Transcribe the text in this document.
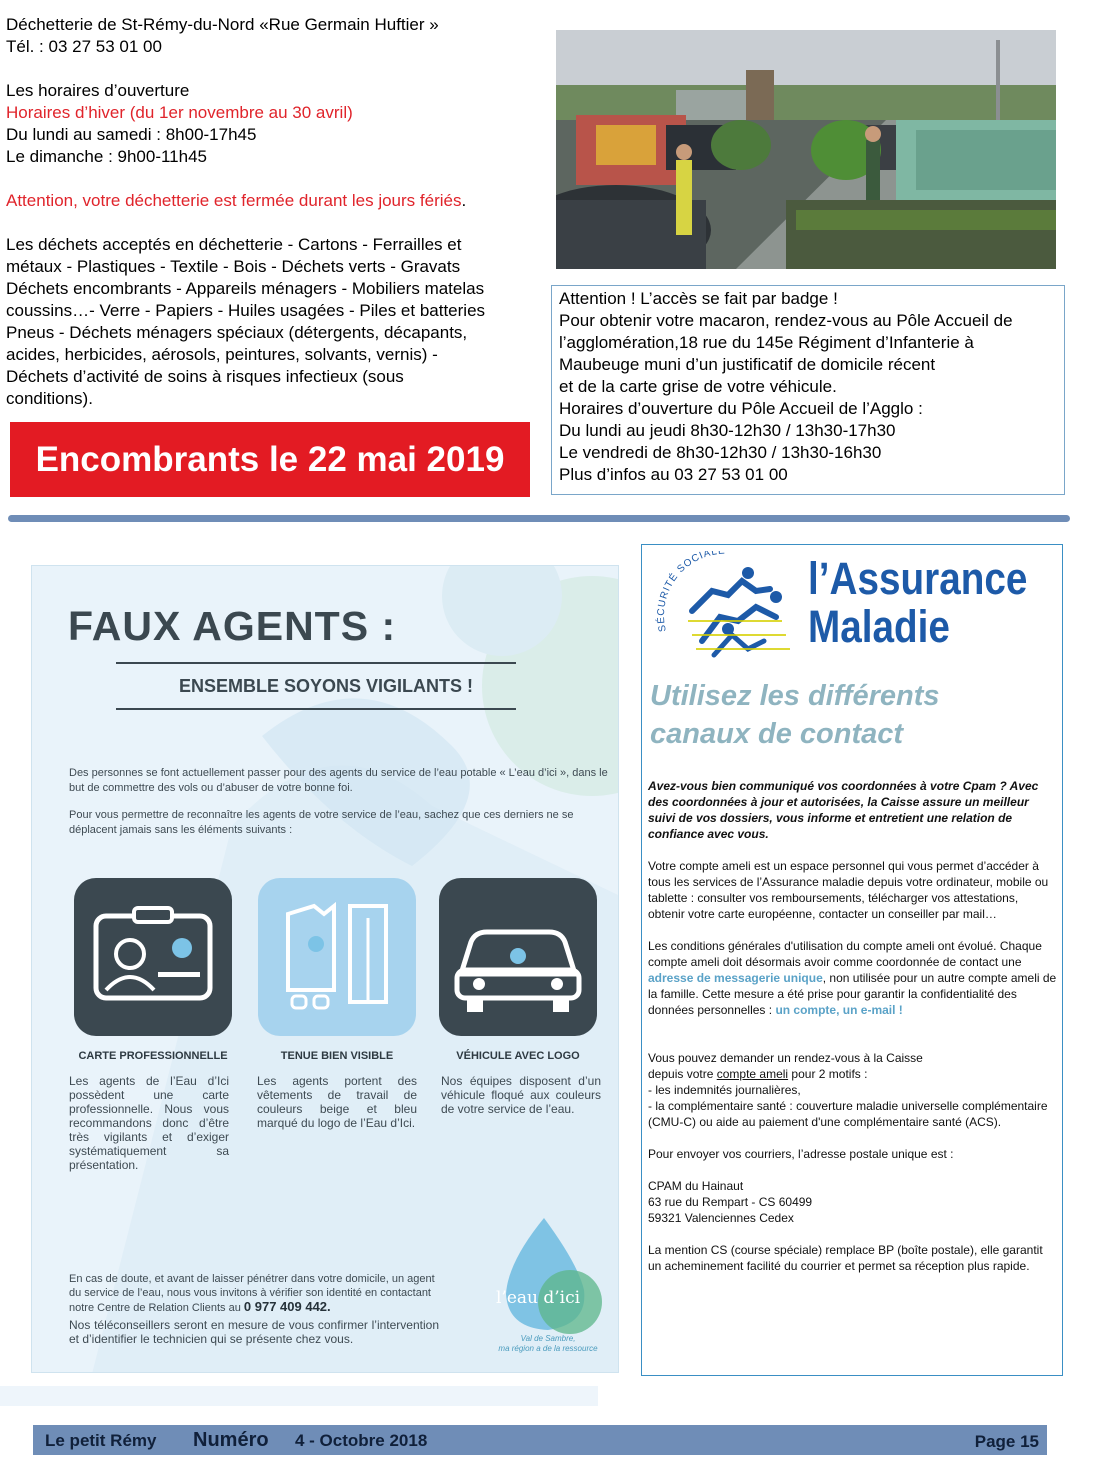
Déchetterie de St-Rémy-du-Nord «Rue Germain Huftier »

Tél. : 03 27 53 01 00

Les horaires d’ouverture

Horaires d’hiver (du 1er novembre au 30 avril)

Du lundi au samedi : 8h00-17h45

Le dimanche : 9h00-11h45

Attention, votre déchetterie est fermée durant les jours fériés.

Les déchets acceptés en déchetterie - Cartons - Ferrailles et

métaux - Plastiques - Textile - Bois - Déchets verts - Gravats

Déchets encombrants - Appareils ménagers - Mobiliers matelas

coussins…- Verre - Papiers - Huiles usagées - Piles et batteries

Pneus - Déchets ménagers spéciaux (détergents, décapants,

acides, herbicides, aérosols, peintures, solvants, vernis) -

Déchets d’activité de soins à risques infectieux (sous

conditions).

Attention ! L’accès se fait par badge !

Pour obtenir votre macaron, rendez-vous au Pôle Accueil de

l’agglomération,18 rue du 145e Régiment d’Infanterie à

Maubeuge muni d’un justificatif de domicile récent

et de la carte grise de votre véhicule.

Horaires d’ouverture du Pôle Accueil de l’Agglo :

Du lundi au jeudi 8h30-12h30 / 13h30-17h30

Le vendredi de 8h30-12h30 / 13h30-16h30

Plus d’infos au 03 27 53 01 00

Encombrants le 22 mai 2019
FAUX AGENTS :
ENSEMBLE SOYONS VIGILANTS !
Des personnes se font actuellement passer pour des agents du service de l’eau potable « L’eau d’ici », dans le but de commettre des vols ou d’abuser de votre bonne foi.
Pour vous permettre de reconnaître les agents de votre service de l’eau, sachez que ces derniers ne se déplacent jamais sans les éléments suivants :
CARTE PROFESSIONNELLE
Les agents de l’Eau d’Ici possèdent une carte professionnelle. Nous vous recommandons donc d’être très vigilants et d’exiger systématiquement sa présentation.
TENUE BIEN VISIBLE
Les agents portent des vêtements de travail de couleurs beige et bleu marqué du logo de l’Eau d’Ici.
VÉHICULE AVEC LOGO
Nos équipes disposent d’un véhicule floqué aux couleurs de votre service de l’eau.
En cas de doute, et avant de laisser pénétrer dans votre domicile, un agent du service de l’eau, nous vous invitons à vérifier son identité en contactant notre Centre de Relation Clients au 0 977 409 442.
Nos téléconseillers seront en mesure de vous confirmer l’intervention et d’identifier le technicien qui se présente chez vous.
l’eau d’ici
Val de Sambre,
ma région a de la ressource
SÉCURITÉ SOCIALE
l’Assurance
Maladie
Utilisez les différents
canaux de contact

Avez-vous bien communiqué vos coordonnées à votre Cpam ? Avec des coordonnées à jour et autorisées, la Caisse assure un meilleur suivi de vos dossiers, vous informe et entretient une relation de confiance avec vous.

Votre compte ameli est un espace personnel qui vous permet d’accéder à tous les services de l’Assurance maladie depuis votre ordinateur, mobile ou tablette : consulter vos remboursements, télécharger vos attestations, obtenir votre carte européenne, contacter un conseiller par mail…

Les conditions générales d'utilisation du compte ameli ont évolué. Chaque compte ameli doit désormais avoir comme coordonnée de contact une adresse de messagerie unique, non utilisée pour un autre compte ameli de la famille. Cette mesure a été prise pour garantir la confidentialité des données personnelles : un compte, un e-mail !

Vous pouvez demander un rendez-vous à la Caisse

depuis votre compte ameli pour 2 motifs :

- les indemnités journalières,

- la complémentaire santé : couverture maladie universelle complémentaire (CMU-C) ou aide au paiement d'une complémentaire santé (ACS).

Pour envoyer vos courriers, l’adresse postale unique est :

CPAM du Hainaut

63 rue du Rempart - CS 60499

59321 Valenciennes Cedex

La mention CS (course spéciale) remplace BP (boîte postale), elle garantit un acheminement facilité du courrier et permet sa réception plus rapide.

Le petit Rémy Numéro 4 - Octobre 2018	Page 15
